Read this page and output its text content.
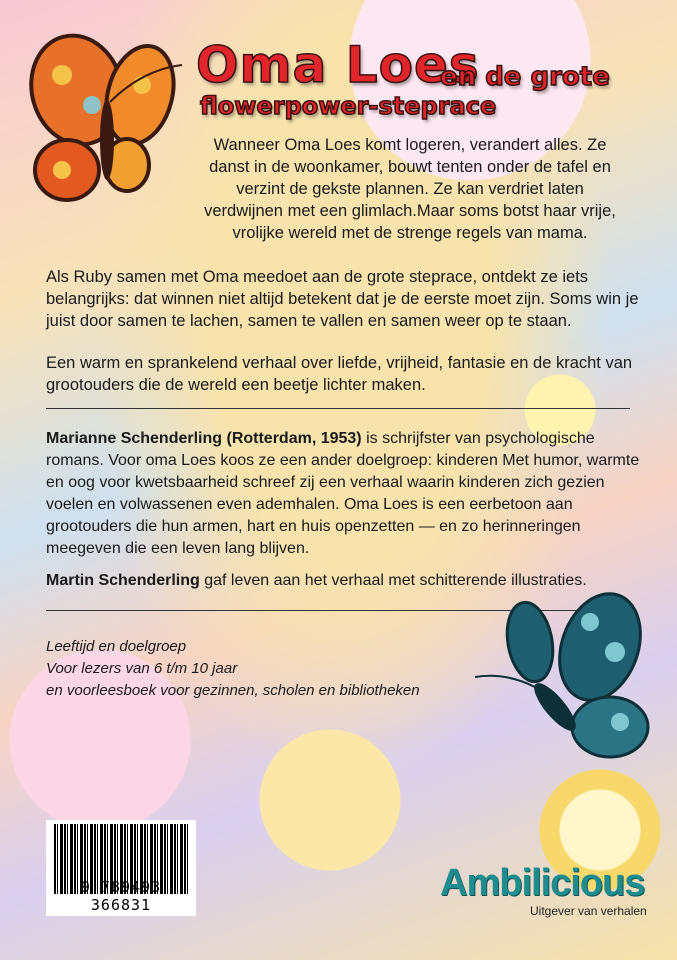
Oma Loes
en de grote
flowerpower-steprace
Wanneer Oma Loes komt logeren, verandert alles. Ze danst in de woonkamer, bouwt tenten onder de tafel en verzint de gekste plannen. Ze kan verdriet laten verdwijnen met een glimlach.Maar soms botst haar vrije, vrolijke wereld met de strenge regels van mama.
Als Ruby samen met Oma meedoet aan de grote steprace, ontdekt ze iets belangrijks: dat winnen niet altijd betekent dat je de eerste moet zijn. Soms win je juist door samen te lachen, samen te vallen en samen weer op te staan.
Een warm en sprankelend verhaal over liefde, vrijheid, fantasie en de kracht van grootouders die de wereld een beetje lichter maken.
Marianne Schenderling (Rotterdam, 1953) is schrijfster van psychologische romans. Voor oma Loes koos ze een ander doelgroep: kinderen Met humor, warmte en oog voor kwetsbaarheid schreef zij een verhaal waarin kinderen zich gezien voelen en volwassenen even ademhalen. Oma Loes is een eerbetoon aan grootouders die hun armen, hart en huis openzetten — en zo herinneringen meegeven die een leven lang blijven.
Martin Schenderling gaf leven aan het verhaal met schitterende illustraties.
Leeftijd en doelgroep
Voor lezers van 6 t/m 10 jaar
en voorleesboek voor gezinnen, scholen en bibliotheken
9 789493 366831
Ambilicious
Uitgever van verhalen
